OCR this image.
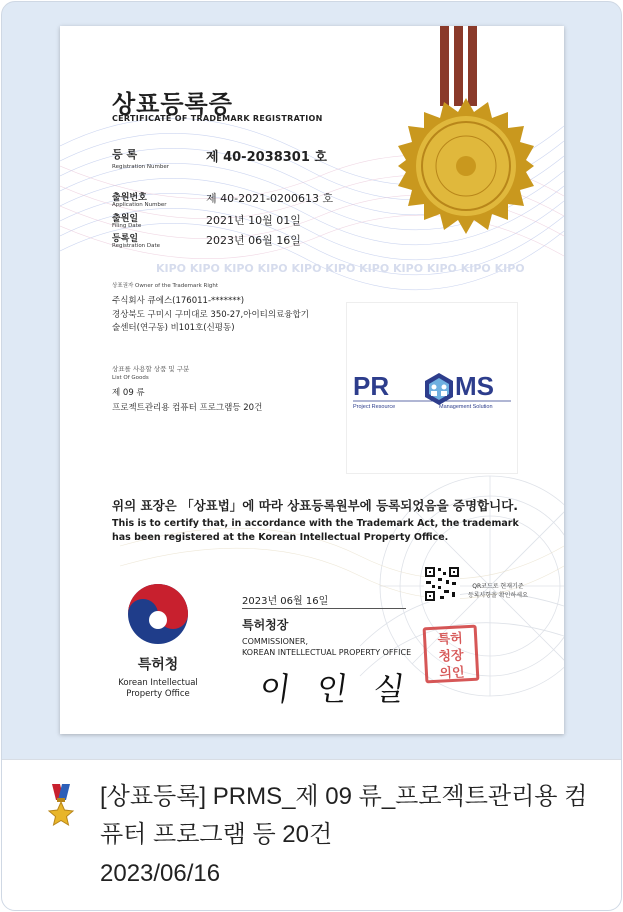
상표등록증
CERTIFICATE OF TRADEMARK REGISTRATION
등 록
Registration Number
제 40-2038301 호
출원번호
Application Number	제 40-2021-0200613 호
출원일
Filing Date	2021년 10월 01일
등록일
Registration Date	2023년 06월 16일
KIPO KIPO KIPO KIPO KIPO KIPO KIPO KIPO KIPO KIPO KIPO
상표권자 Owner of the Trademark Right
주식회사 큐에스(176011-*******)
경상북도 구미시 구미대로 350-27,아이티의료융합기
술센터(연구동) 비101호(신평동)
상표를 사용할 상품 및 구분
List Of Goods
제 09 류
프로젝트관리용 컴퓨터 프로그램등 20건
PR	MS
Project Resource	Management Solution
위의 표장은 「상표법」에 따라 상표등록원부에 등록되었음을 증명합니다.
This is to certify that, in accordance with the Trademark Act, the trademark
has been registered at the Korean Intellectual Property Office.
특허청
Korean Intellectual
Property Office
2023년 06월 16일
특허청장
COMMISSIONER,
KOREAN INTELLECTUAL PROPERTY OFFICE
이인실
QR코드로 현재기준
등록사항을 확인하세요
특허청장의인
[상표등록] PRMS_제 09 류_프로젝트관리용 컴퓨터 프로그램 등 20건
2023/06/16
